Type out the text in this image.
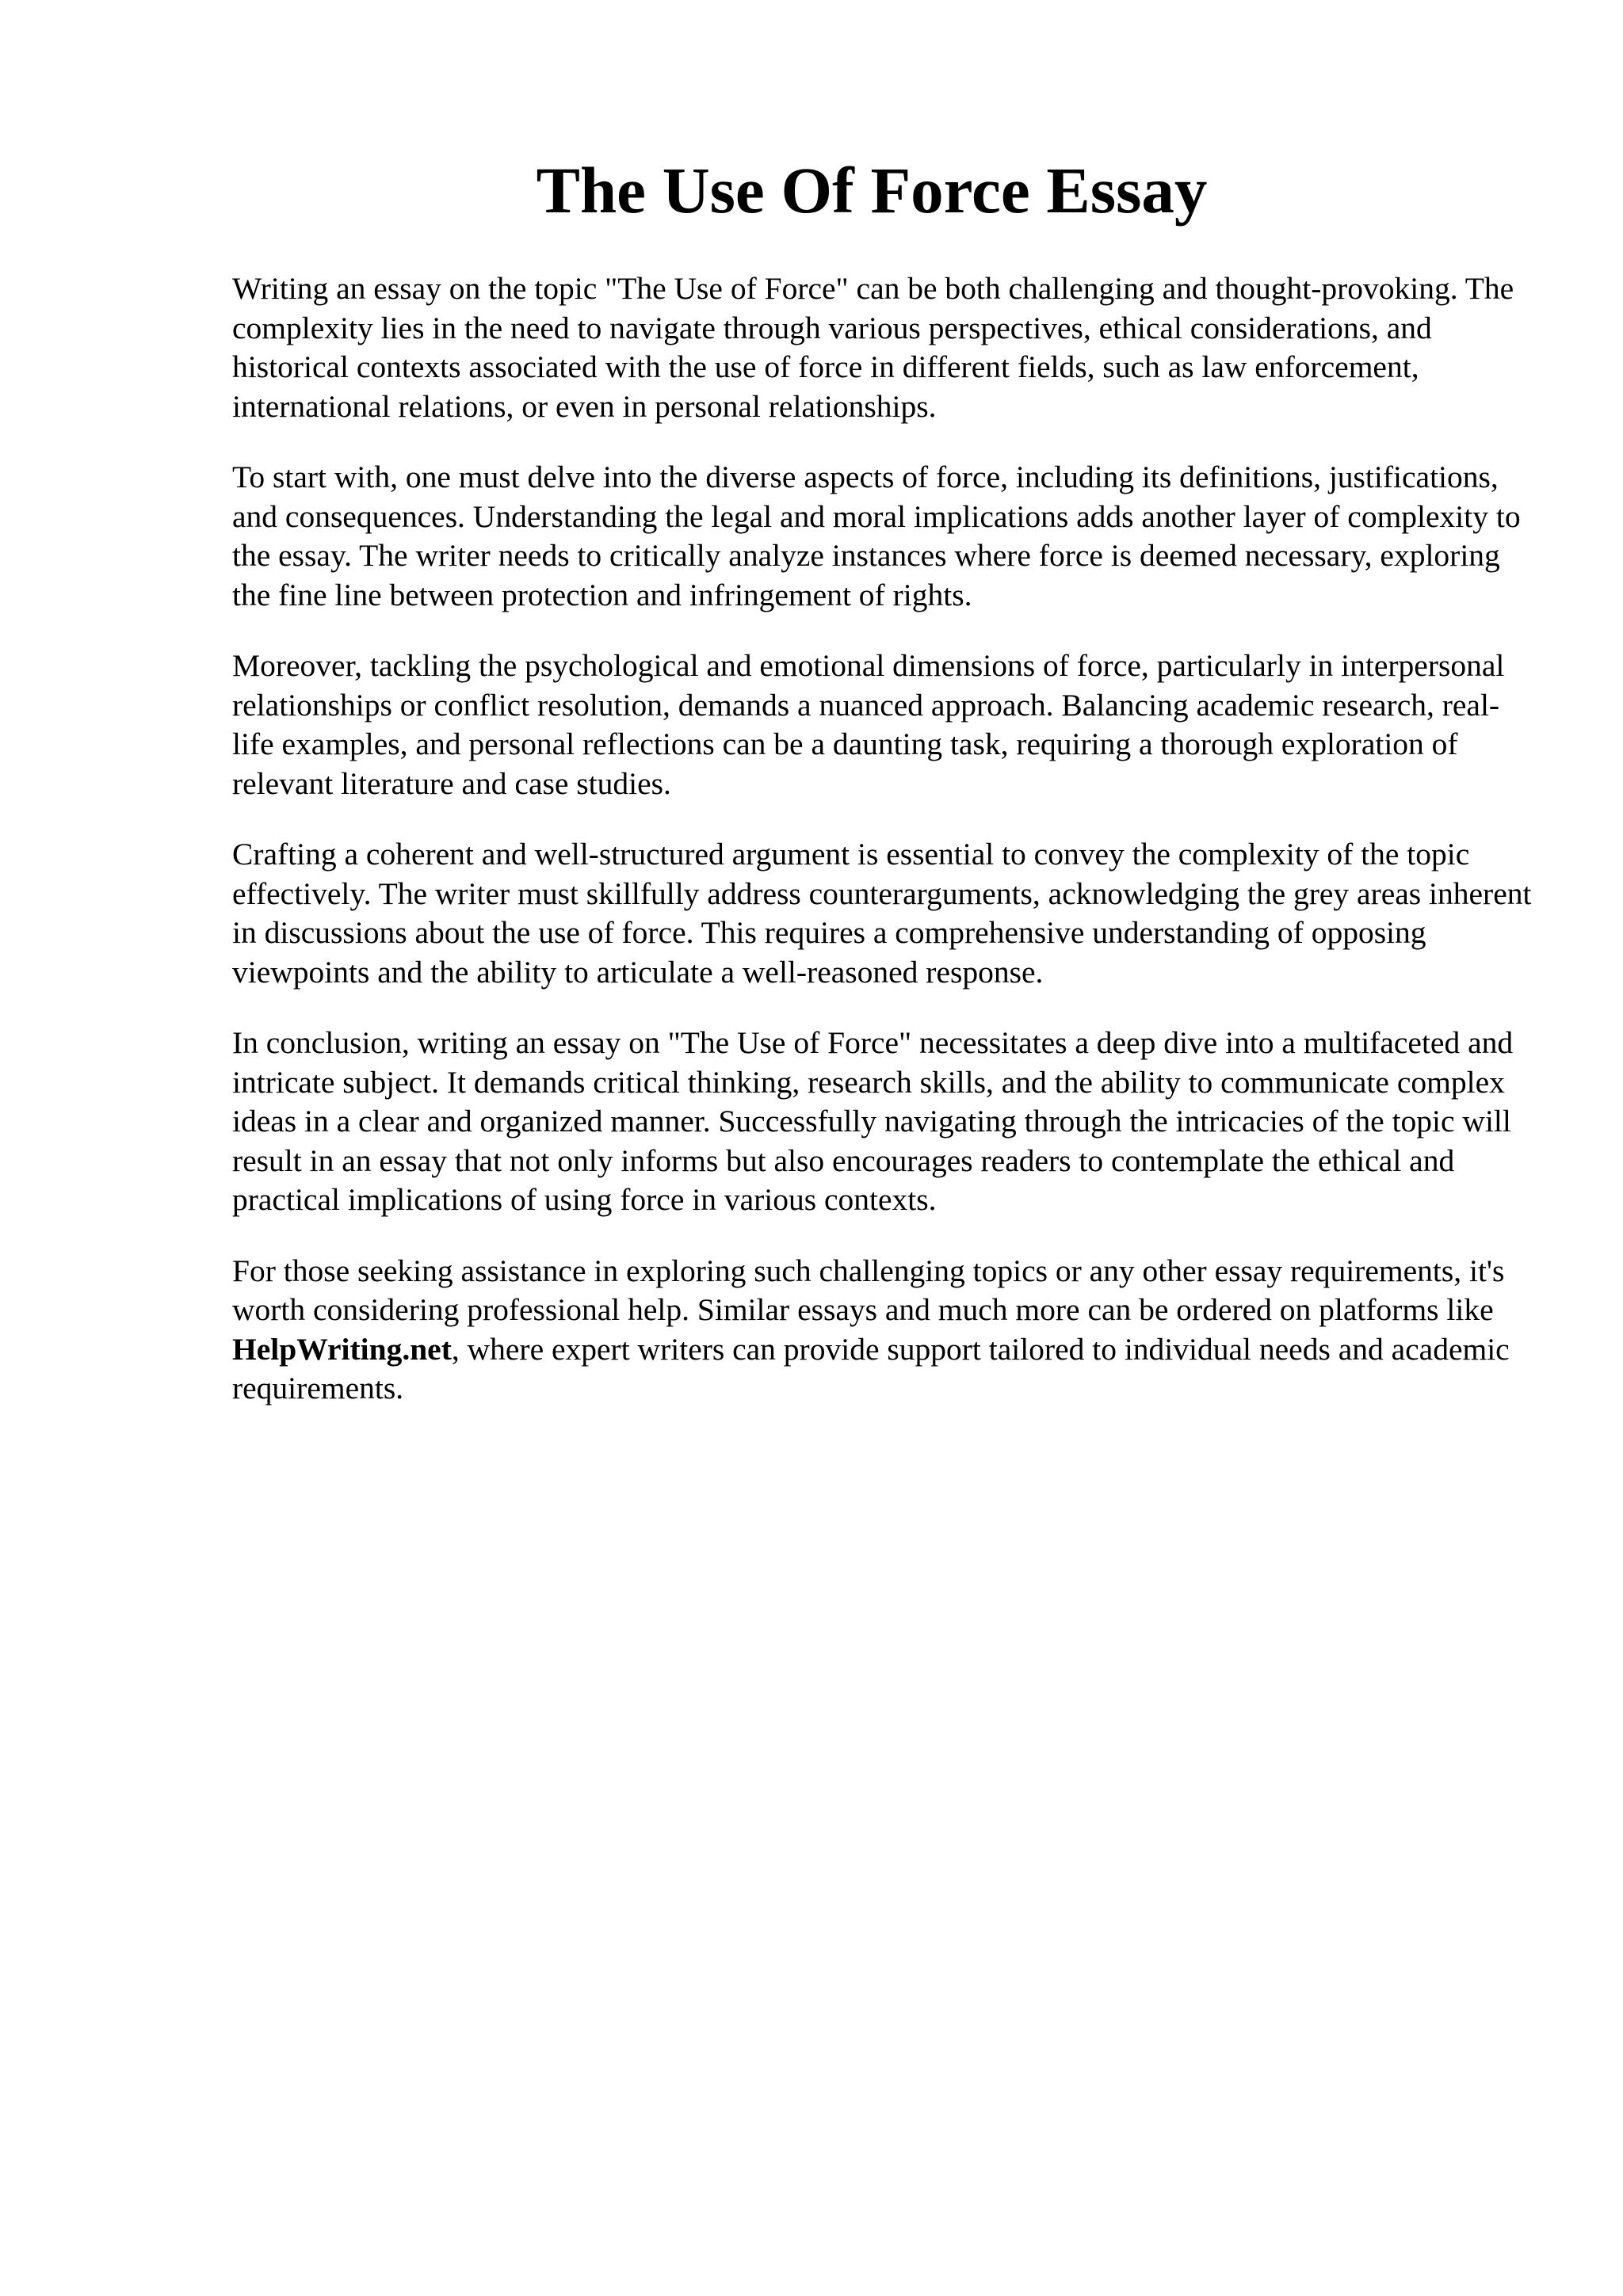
The Use Of Force Essay

Writing an essay on the topic "The Use of Force" can be both challenging and thought-provoking. The complexity lies in the need to navigate through various perspectives, ethical considerations, and historical contexts associated with the use of force in different fields, such as law enforcement, international relations, or even in personal relationships.

To start with, one must delve into the diverse aspects of force, including its definitions, justifications, and consequences. Understanding the legal and moral implications adds another layer of complexity to the essay. The writer needs to critically analyze instances where force is deemed necessary, exploring the fine line between protection and infringement of rights.

Moreover, tackling the psychological and emotional dimensions of force, particularly in interpersonal relationships or conflict resolution, demands a nuanced approach. Balancing academic research, real-life examples, and personal reflections can be a daunting task, requiring a thorough exploration of relevant literature and case studies.

Crafting a coherent and well-structured argument is essential to convey the complexity of the topic effectively. The writer must skillfully address counterarguments, acknowledging the grey areas inherent in discussions about the use of force. This requires a comprehensive understanding of opposing viewpoints and the ability to articulate a well-reasoned response.

In conclusion, writing an essay on "The Use of Force" necessitates a deep dive into a multifaceted and intricate subject. It demands critical thinking, research skills, and the ability to communicate complex ideas in a clear and organized manner. Successfully navigating through the intricacies of the topic will result in an essay that not only informs but also encourages readers to contemplate the ethical and practical implications of using force in various contexts.

For those seeking assistance in exploring such challenging topics or any other essay requirements, it's worth considering professional help. Similar essays and much more can be ordered on platforms like HelpWriting.net, where expert writers can provide support tailored to individual needs and academic requirements.
